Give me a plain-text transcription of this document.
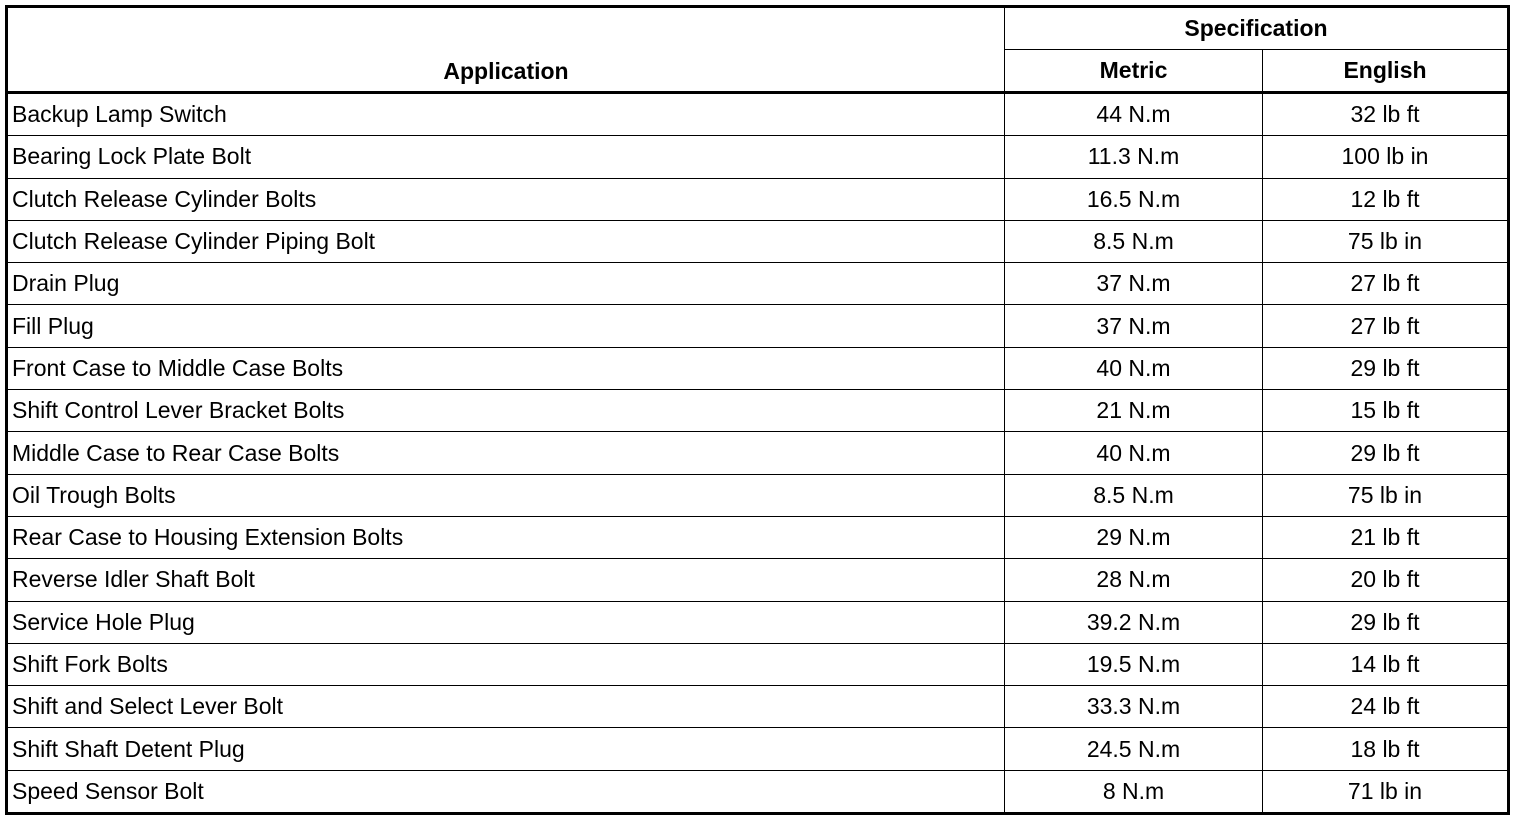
Application	Specification	
	Metric	English
Backup Lamp Switch	44 N.m	32 lb ft
Bearing Lock Plate Bolt	11.3 N.m	100 lb in
Clutch Release Cylinder Bolts	16.5 N.m	12 lb ft
Clutch Release Cylinder Piping Bolt	8.5 N.m	75 lb in
Drain Plug	37 N.m	27 lb ft
Fill Plug	37 N.m	27 lb ft
Front Case to Middle Case Bolts	40 N.m	29 lb ft
Shift Control Lever Bracket Bolts	21 N.m	15 lb ft
Middle Case to Rear Case Bolts	40 N.m	29 lb ft
Oil Trough Bolts	8.5 N.m	75 lb in
Rear Case to Housing Extension Bolts	29 N.m	21 lb ft
Reverse Idler Shaft Bolt	28 N.m	20 lb ft
Service Hole Plug	39.2 N.m	29 lb ft
Shift Fork Bolts	19.5 N.m	14 lb ft
Shift and Select Lever Bolt	33.3 N.m	24 lb ft
Shift Shaft Detent Plug	24.5 N.m	18 lb ft
Speed Sensor Bolt	8 N.m	71 lb in
